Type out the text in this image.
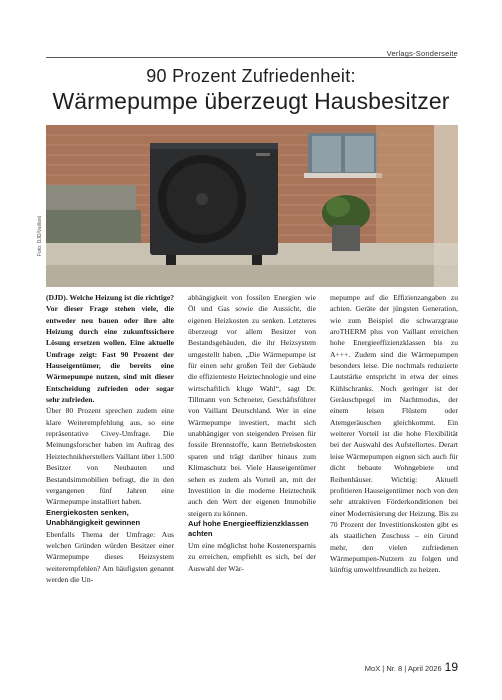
Verlags-Sonderseite
90 Prozent Zufriedenheit:
Wärmepumpe überzeugt Hausbesitzer
Foto: DJD/Vaillant

(DJD). Welche Heizung ist die richtige? Vor dieser Frage stehen viele, die entweder neu bauen oder ihre alte Heizung durch eine zukunftssichere Lösung ersetzen wollen. Eine aktuelle Umfrage zeigt: Fast 90 Prozent der Hauseigentümer, die bereits eine Wärmepumpe nutzen, sind mit dieser Entscheidung zufrieden oder sogar sehr zufrieden.

Über 80 Prozent sprechen zudem eine klare Weiterempfehlung aus, so eine repräsentative Civey-Umfrage. Die Meinungsforscher haben im Auftrag des Heiztechnikherstellers Vaillant über 1.500 Besitzer von Neubauten und Bestandsimmobilien befragt, die in den vergangenen fünf Jahren eine Wärmepumpe installiert haben.

Energiekosten senken, Unabhängigkeit gewinnen

Ebenfalls Thema der Umfrage: Aus welchen Gründen würden Besitzer einer Wärmepumpe dieses Heizsystem weiterempfehlen? Am häufigsten genannt werden die Un-

abhängigkeit von fossilen Energien wie Öl und Gas sowie die Aussicht, die eigenen Heizkosten zu senken. Letzteres überzeugt vor allem Besitzer von Bestandsgebäuden, die ihr Heizsystem umgestellt haben. „Die Wärmepumpe ist für einen sehr großen Teil der Gebäude die effizienteste Heiztechnologie und eine wirtschaftlich kluge Wahl“, sagt Dr. Tillmann von Schroeter, Geschäftsführer von Vaillant Deutschland. Wer in eine Wärmepumpe investiert, macht sich unabhängiger von steigenden Preisen für fossile Brennstoffe, kann Betriebskosten sparen und trägt darüber hinaus zum Klimaschutz bei. Viele Hauseigentümer sehen es zudem als Vorteil an, mit der Investition in die moderne Heiztechnik auch den Wert der eigenen Immobilie steigern zu können.

Auf hohe Energieeffizienzklassen achten

Um eine möglichst hohe Kostenersparnis zu erreichen, empfiehlt es sich, bei der Auswahl der Wär-

mepumpe auf die Effizienzangaben zu achten. Geräte der jüngsten Generation, wie zum Beispiel die schwarzgraue aroTHERM plus von Vaillant erreichen hohe Energieeffizienzklassen bis zu A+++. Zudem sind die Wärmepumpen besonders leise. Die nochmals reduzierte Lautstärke entspricht in etwa der eines Kühlschranks. Noch geringer ist der Geräuschpegel im Nachtmodus, der einem leisen Flüstern oder Atemgeräuschen gleichkommt. Ein weiterer Vorteil ist die hohe Flexibilität bei der Auswahl des Aufstellortes. Derart leise Wärmepumpen eignen sich auch für dicht bebaute Wohngebiete und Reihenhäuser. Wichtig: Aktuell profitieren Hauseigentümer noch von den sehr attraktiven Förderkonditionen bei einer Modernisierung der Heizung. Bis zu 70 Prozent der Investitionskosten gibt es als staatlichen Zuschuss – ein Grund mehr, den vielen zufriedenen Wärmepumpen-Nutzern zu folgen und künftig umweltfreundlich zu heizen.

MoX | Nr. 8 | April 2026 19
